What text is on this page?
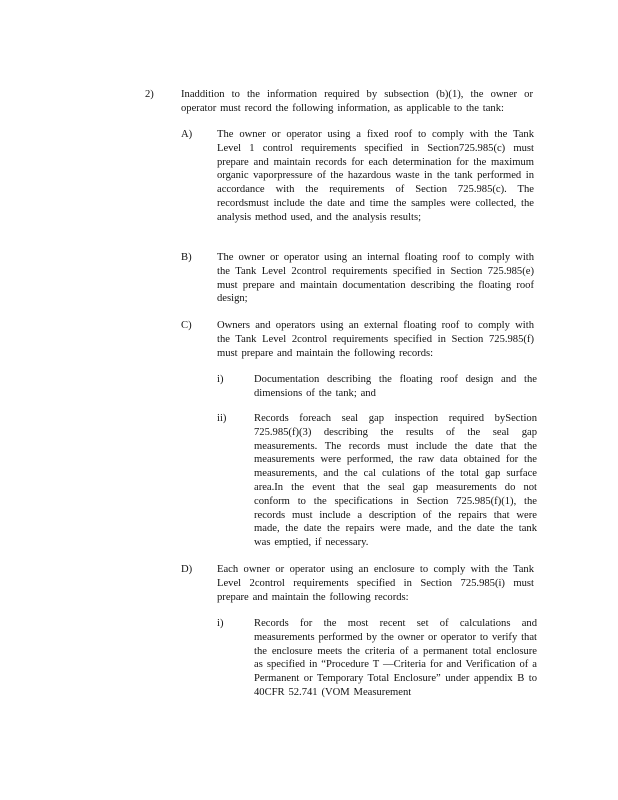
2)	Inaddition to the information required by subsection (b)(1), the owner or operator must record the following information, as applicable to the tank:
A) The owner or operator using a fixed roof to comply with the Tank Level 1 control requirements specified in Section725.985(c) must prepare and maintain records for each determination for the maximum organic vaporpressure of the hazardous waste in the tank performed in accordance with the requirements of Section 725.985(c). The recordsmust include the date and time the samples were collected, the analysis method used, and the analysis results;
B) The owner or operator using an internal floating roof to comply with the Tank Level 2control requirements specified in Section 725.985(e) must prepare and maintain documentation describing the floating roof design;
C) Owners and operators using an external floating roof to comply with the Tank Level 2control requirements specified in Section 725.985(f) must prepare and maintain the following records:
i)	Documentation describing the floating roof design and the dimensions of the tank; and
ii)	Records foreach seal gap inspection required bySection 725.985(f)(3) describing the results of the seal gap measurements. The records must include the date that the measurements were performed, the raw data obtained for the measurements, and the cal culations of the total gap surface area.In the event that the seal gap measurements do not conform to the specifications in Section 725.985(f)(1), the records must include a description of the repairs that were made, the date the repairs were made, and the date the tank was emptied, if necessary.
D) Each owner or operator using an enclosure to comply with the Tank Level 2control requirements specified in Section 725.985(i) must prepare and maintain the following records:
i)	Records for the most recent set of calculations and measurements performed by the owner or operator to verify that the enclosure meets the criteria of a permanent total enclosure as specified in “Procedure T —Criteria for and Verification of a Permanent or Temporary Total Enclosure” under appendix B to 40CFR 52.741 (VOM Measurement
